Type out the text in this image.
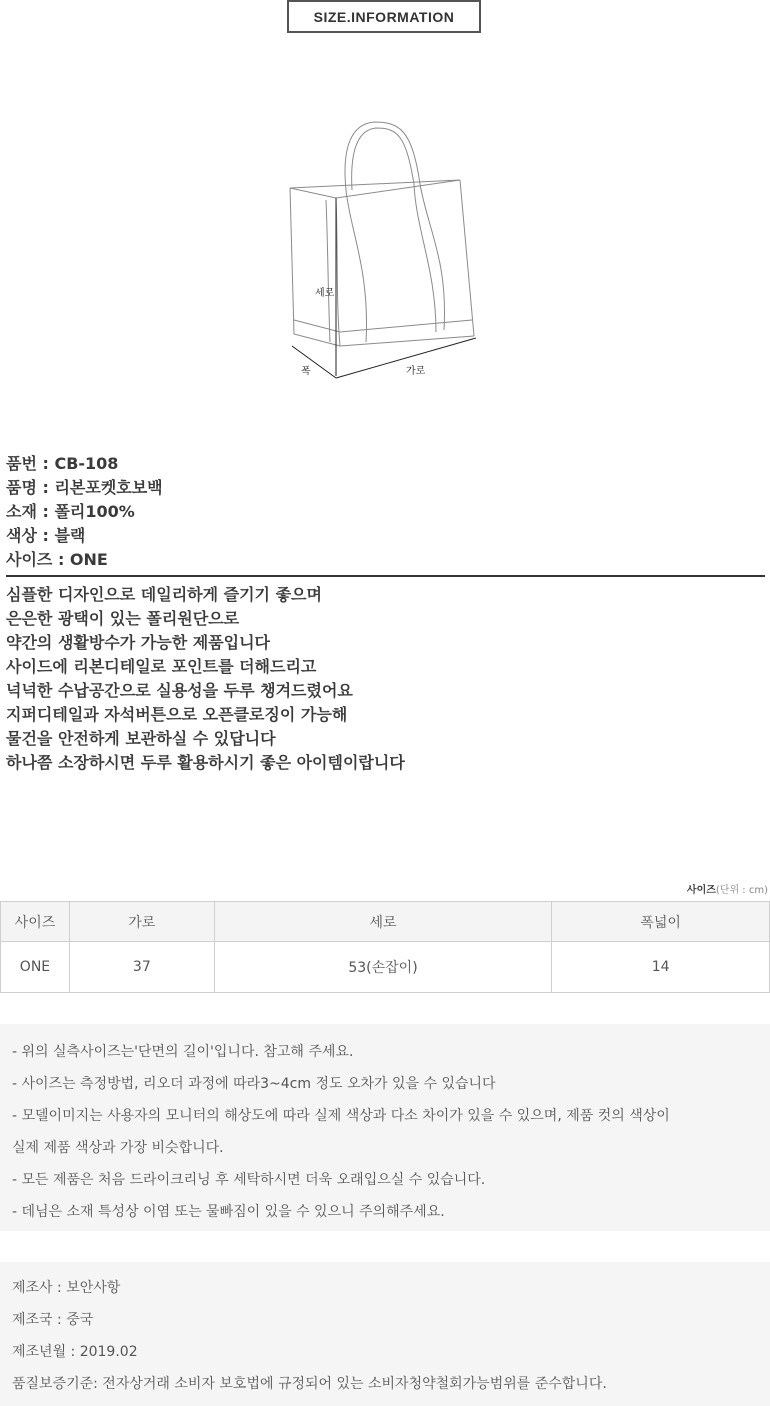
SIZE.INFORMATION
세로
폭	가로
품번 : CB-108
품명 : 리본포켓호보백
소재 : 폴리100%
색상 : 블랙
사이즈 : ONE
심플한 디자인으로 데일리하게 즐기기 좋으며
은은한 광택이 있는 폴리원단으로
약간의 생활방수가 가능한 제품입니다
사이드에 리본디테일로 포인트를 더해드리고
넉넉한 수납공간으로 실용성을 두루 챙겨드렸어요
지퍼디테일과 자석버튼으로 오픈클로징이 가능해
물건을 안전하게 보관하실 수 있답니다
하나쯤 소장하시면 두루 활용하시기 좋은 아이템이랍니다
사이즈(단위 : cm)
사이즈	가로	세로	폭넓이
ONE	37	53(손잡이)	14
- 위의 실측사이즈는'단면의 길이'입니다. 참고해 주세요.
- 사이즈는 측정방법, 리오더 과정에 따라3~4cm 정도 오차가 있을 수 있습니다
- 모델이미지는 사용자의 모니터의 해상도에 따라 실제 색상과 다소 차이가 있을 수 있으며, 제품 컷의 색상이
실제 제품 색상과 가장 비슷합니다.
- 모든 제품은 처음 드라이크리닝 후 세탁하시면 더욱 오래입으실 수 있습니다.
- 데님은 소재 특성상 이염 또는 물빠짐이 있을 수 있으니 주의해주세요.
제조사 : 보안사항
제조국 : 중국
제조년월 : 2019.02
품질보증기준: 전자상거래 소비자 보호법에 규정되어 있는 소비자청약철회가능범위를 준수합니다.
